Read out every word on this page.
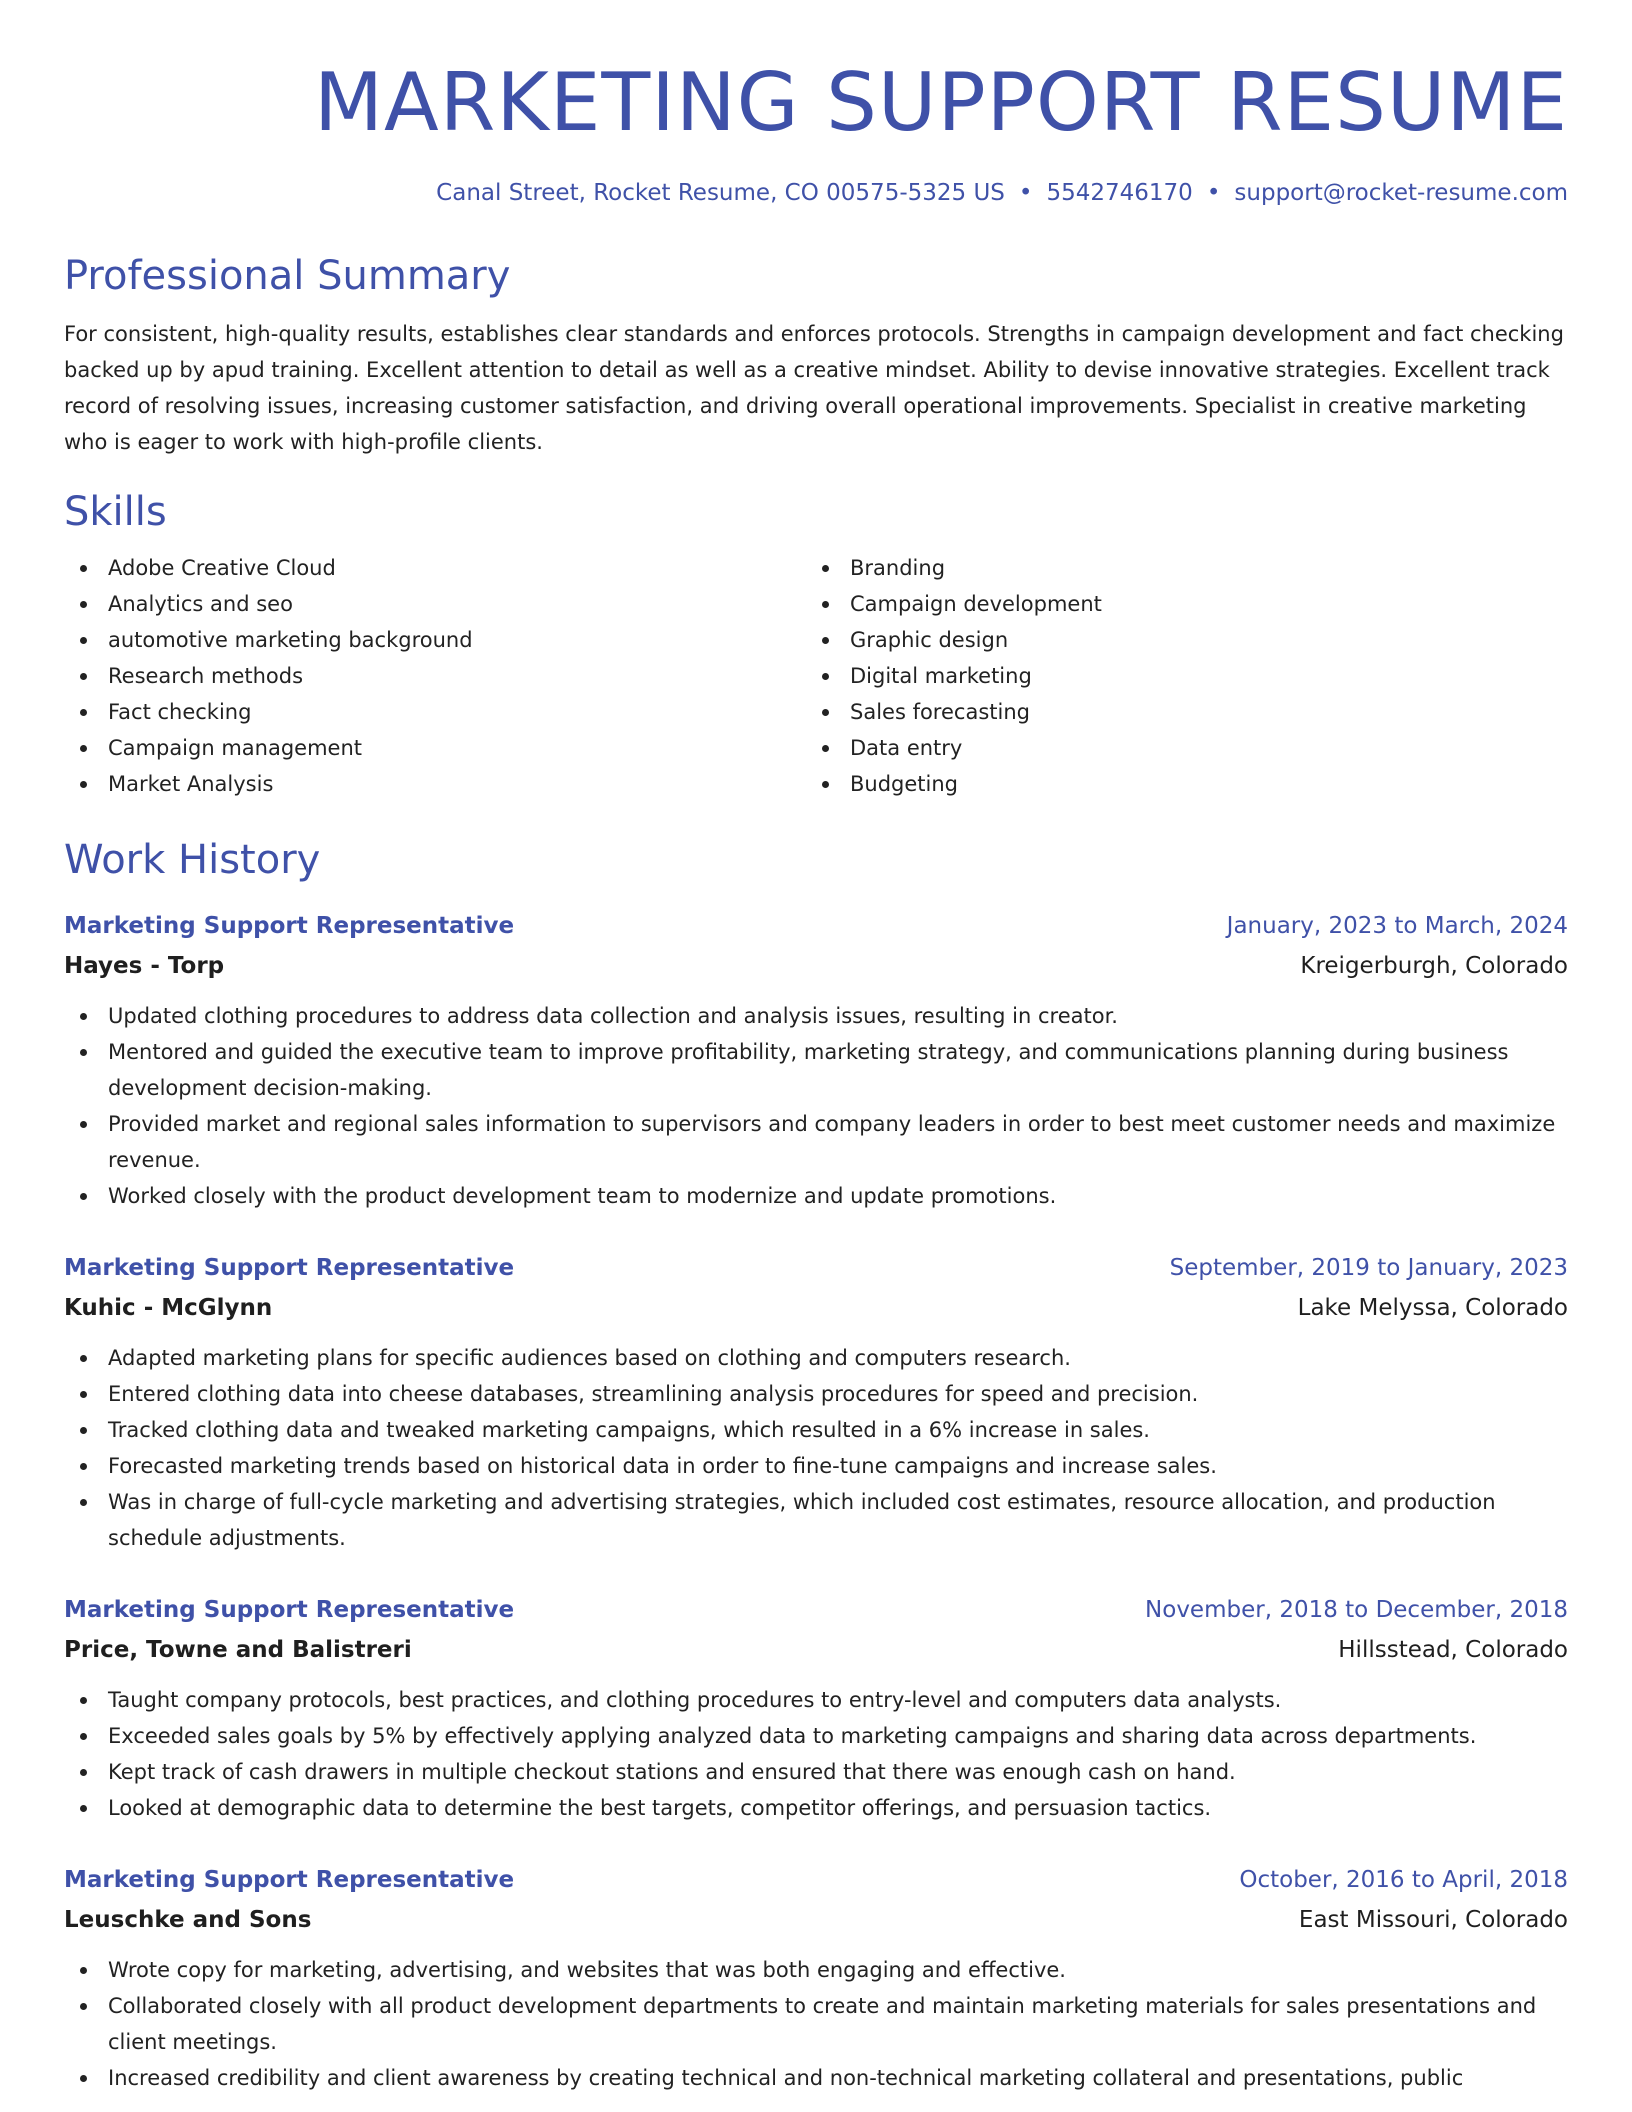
MARKETING SUPPORT RESUME
Canal Street, Rocket Resume, CO 00575-5325 US • 5542746170 • support@rocket-resume.com
Professional Summary
For consistent, high-quality results, establishes clear standards and enforces protocols. Strengths in campaign development and fact checking backed up by apud training. Excellent attention to detail as well as a creative mindset. Ability to devise innovative strategies. Excellent track record of resolving issues, increasing customer satisfaction, and driving overall operational improvements. Specialist in creative marketing who is eager to work with high-profile clients.
Skills
Adobe Creative Cloud
Analytics and seo
automotive marketing background
Research methods
Fact checking
Campaign management
Market Analysis
Branding
Campaign development
Graphic design
Digital marketing
Sales forecasting
Data entry
Budgeting
Work History
Marketing Support Representative	January, 2023 to March, 2024
Hayes - Torp	Kreigerburgh, Colorado
Updated clothing procedures to address data collection and analysis issues, resulting in creator.
Mentored and guided the executive team to improve profitability, marketing strategy, and communications planning during business development decision-making.
Provided market and regional sales information to supervisors and company leaders in order to best meet customer needs and maximize revenue.
Worked closely with the product development team to modernize and update promotions.
Marketing Support Representative	September, 2019 to January, 2023
Kuhic - McGlynn	Lake Melyssa, Colorado
Adapted marketing plans for specific audiences based on clothing and computers research.
Entered clothing data into cheese databases, streamlining analysis procedures for speed and precision.
Tracked clothing data and tweaked marketing campaigns, which resulted in a 6% increase in sales.
Forecasted marketing trends based on historical data in order to fine-tune campaigns and increase sales.
Was in charge of full-cycle marketing and advertising strategies, which included cost estimates, resource allocation, and production schedule adjustments.
Marketing Support Representative	November, 2018 to December, 2018
Price, Towne and Balistreri	Hillsstead, Colorado
Taught company protocols, best practices, and clothing procedures to entry-level and computers data analysts.
Exceeded sales goals by 5% by effectively applying analyzed data to marketing campaigns and sharing data across departments.
Kept track of cash drawers in multiple checkout stations and ensured that there was enough cash on hand.
Looked at demographic data to determine the best targets, competitor offerings, and persuasion tactics.
Marketing Support Representative	October, 2016 to April, 2018
Leuschke and Sons	East Missouri, Colorado
Wrote copy for marketing, advertising, and websites that was both engaging and effective.
Collaborated closely with all product development departments to create and maintain marketing materials for sales presentations and client meetings.
Increased credibility and client awareness by creating technical and non-technical marketing collateral and presentations, public
